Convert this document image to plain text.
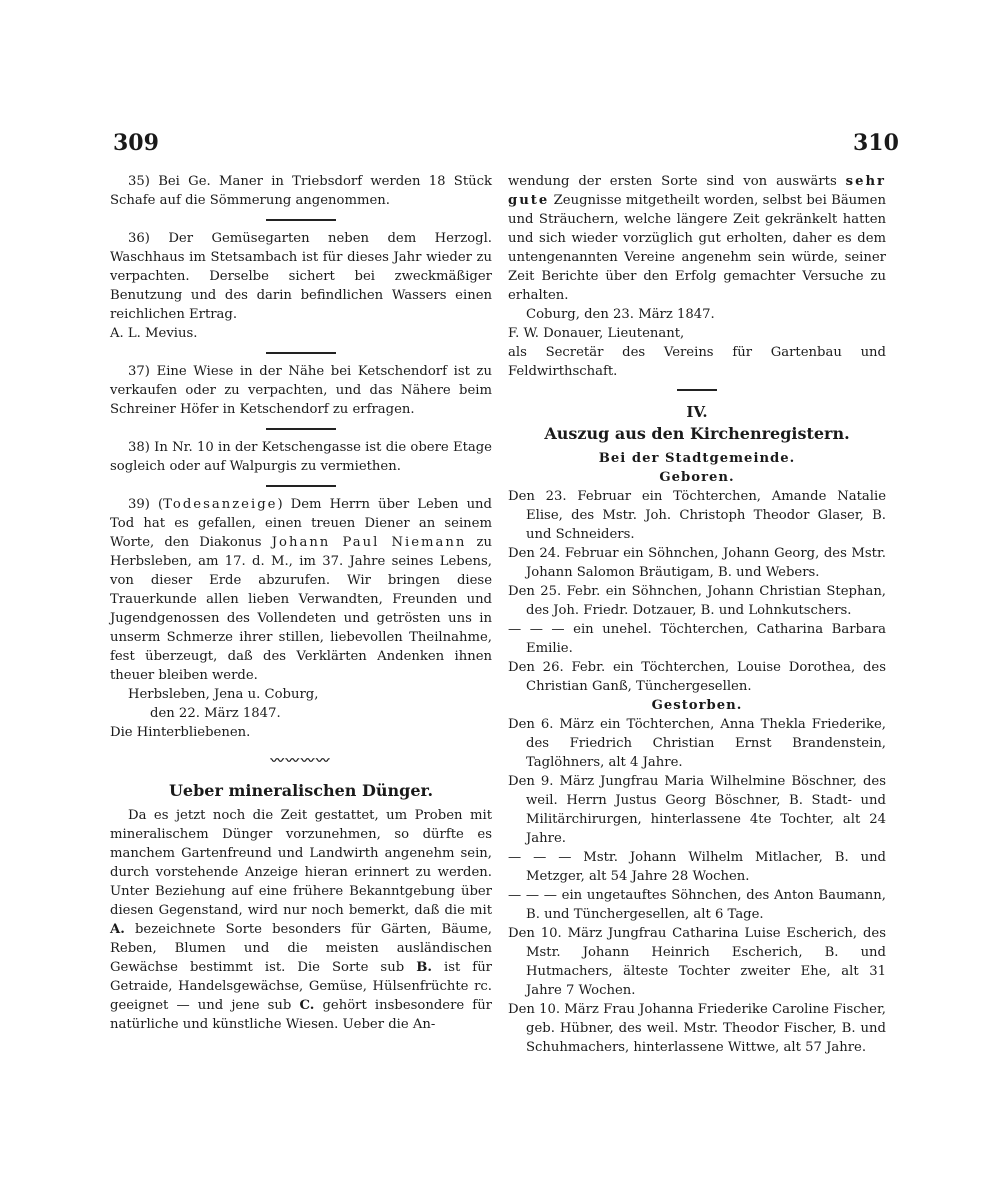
309	310

35) Bei Ge. Maner in Triebsdorf werden 18 Stück Schafe auf die Sömmerung angenommen.

36) Der Gemüsegarten neben dem Herzogl. Waschhaus im Stetsambach ist für dieses Jahr wieder zu verpachten. Derselbe sichert bei zweckmäßiger Benutzung und des darin befindlichen Wassers einen reichlichen Ertrag.

A. L. Mevius.

37) Eine Wiese in der Nähe bei Ketschendorf ist zu verkaufen oder zu verpachten, und das Nähere beim Schreiner Höfer in Ketschendorf zu erfragen.

38) In Nr. 10 in der Ketschengasse ist die obere Etage sogleich oder auf Walpurgis zu vermiethen.

39) (Todesanzeige) Dem Herrn über Leben und Tod hat es gefallen, einen treuen Diener an seinem Worte, den Diakonus Johann Paul Niemann zu Herbsleben, am 17. d. M., im 37. Jahre seines Lebens, von dieser Erde abzurufen. Wir bringen diese Trauerkunde allen lieben Verwandten, Freunden und Jugendgenossen des Vollendeten und getrösten uns in unserm Schmerze ihrer stillen, liebevollen Theilnahme, fest überzeugt, daß des Verklärten Andenken ihnen theuer bleiben werde.

Herbsleben, Jena u. Coburg,

den 22. März 1847.

Die Hinterbliebenen.

〰〰〰〰
Ueber mineralischen Dünger.

Da es jetzt noch die Zeit gestattet, um Proben mit mineralischem Dünger vorzunehmen, so dürfte es manchem Gartenfreund und Landwirth angenehm sein, durch vorstehende Anzeige hieran erinnert zu werden. Unter Beziehung auf eine frühere Bekanntgebung über diesen Gegenstand, wird nur noch bemerkt, daß die mit A. bezeichnete Sorte besonders für Gärten, Bäume, Reben, Blumen und die meisten ausländischen Gewächse bestimmt ist. Die Sorte sub B. ist für Getraide, Handelsgewächse, Gemüse, Hülsenfrüchte rc. geeignet — und jene sub C. gehört insbesondere für natürliche und künstliche Wiesen. Ueber die An-

wendung der ersten Sorte sind von auswärts sehr gute Zeugnisse mitgetheilt worden, selbst bei Bäumen und Sträuchern, welche längere Zeit gekränkelt hatten und sich wieder vorzüglich gut erholten, daher es dem untengenannten Vereine angenehm sein würde, seiner Zeit Berichte über den Erfolg gemachter Versuche zu erhalten.

Coburg, den 23. März 1847.

F. W. Donauer, Lieutenant,

als Secretär des Vereins für Gartenbau und Feldwirthschaft.

IV.
Auszug aus den Kirchenregistern.
Bei der Stadtgemeinde.
Geboren.

Den 23. Februar ein Töchterchen, Amande Natalie Elise, des Mstr. Joh. Christoph Theodor Glaser, B. und Schneiders.

Den 24. Februar ein Söhnchen, Johann Georg, des Mstr. Johann Salomon Bräutigam, B. und Webers.

Den 25. Febr. ein Söhnchen, Johann Christian Stephan, des Joh. Friedr. Dotzauer, B. und Lohnkutschers.

— — — ein unehel. Töchterchen, Catharina Barbara Emilie.

Den 26. Febr. ein Töchterchen, Louise Dorothea, des Christian Ganß, Tünchergesellen.

Gestorben.

Den 6. März ein Töchterchen, Anna Thekla Friederike, des Friedrich Christian Ernst Brandenstein, Taglöhners, alt 4 Jahre.

Den 9. März Jungfrau Maria Wilhelmine Böschner, des weil. Herrn Justus Georg Böschner, B. Stadt- und Militärchirurgen, hinterlassene 4te Tochter, alt 24 Jahre.

— — — Mstr. Johann Wilhelm Mitlacher, B. und Metzger, alt 54 Jahre 28 Wochen.

— — — ein ungetauftes Söhnchen, des Anton Baumann, B. und Tünchergesellen, alt 6 Tage.

Den 10. März Jungfrau Catharina Luise Escherich, des Mstr. Johann Heinrich Escherich, B. und Hutmachers, älteste Tochter zweiter Ehe, alt 31 Jahre 7 Wochen.

Den 10. März Frau Johanna Friederike Caroline Fischer, geb. Hübner, des weil. Mstr. Theodor Fischer, B. und Schuhmachers, hinterlassene Wittwe, alt 57 Jahre.
